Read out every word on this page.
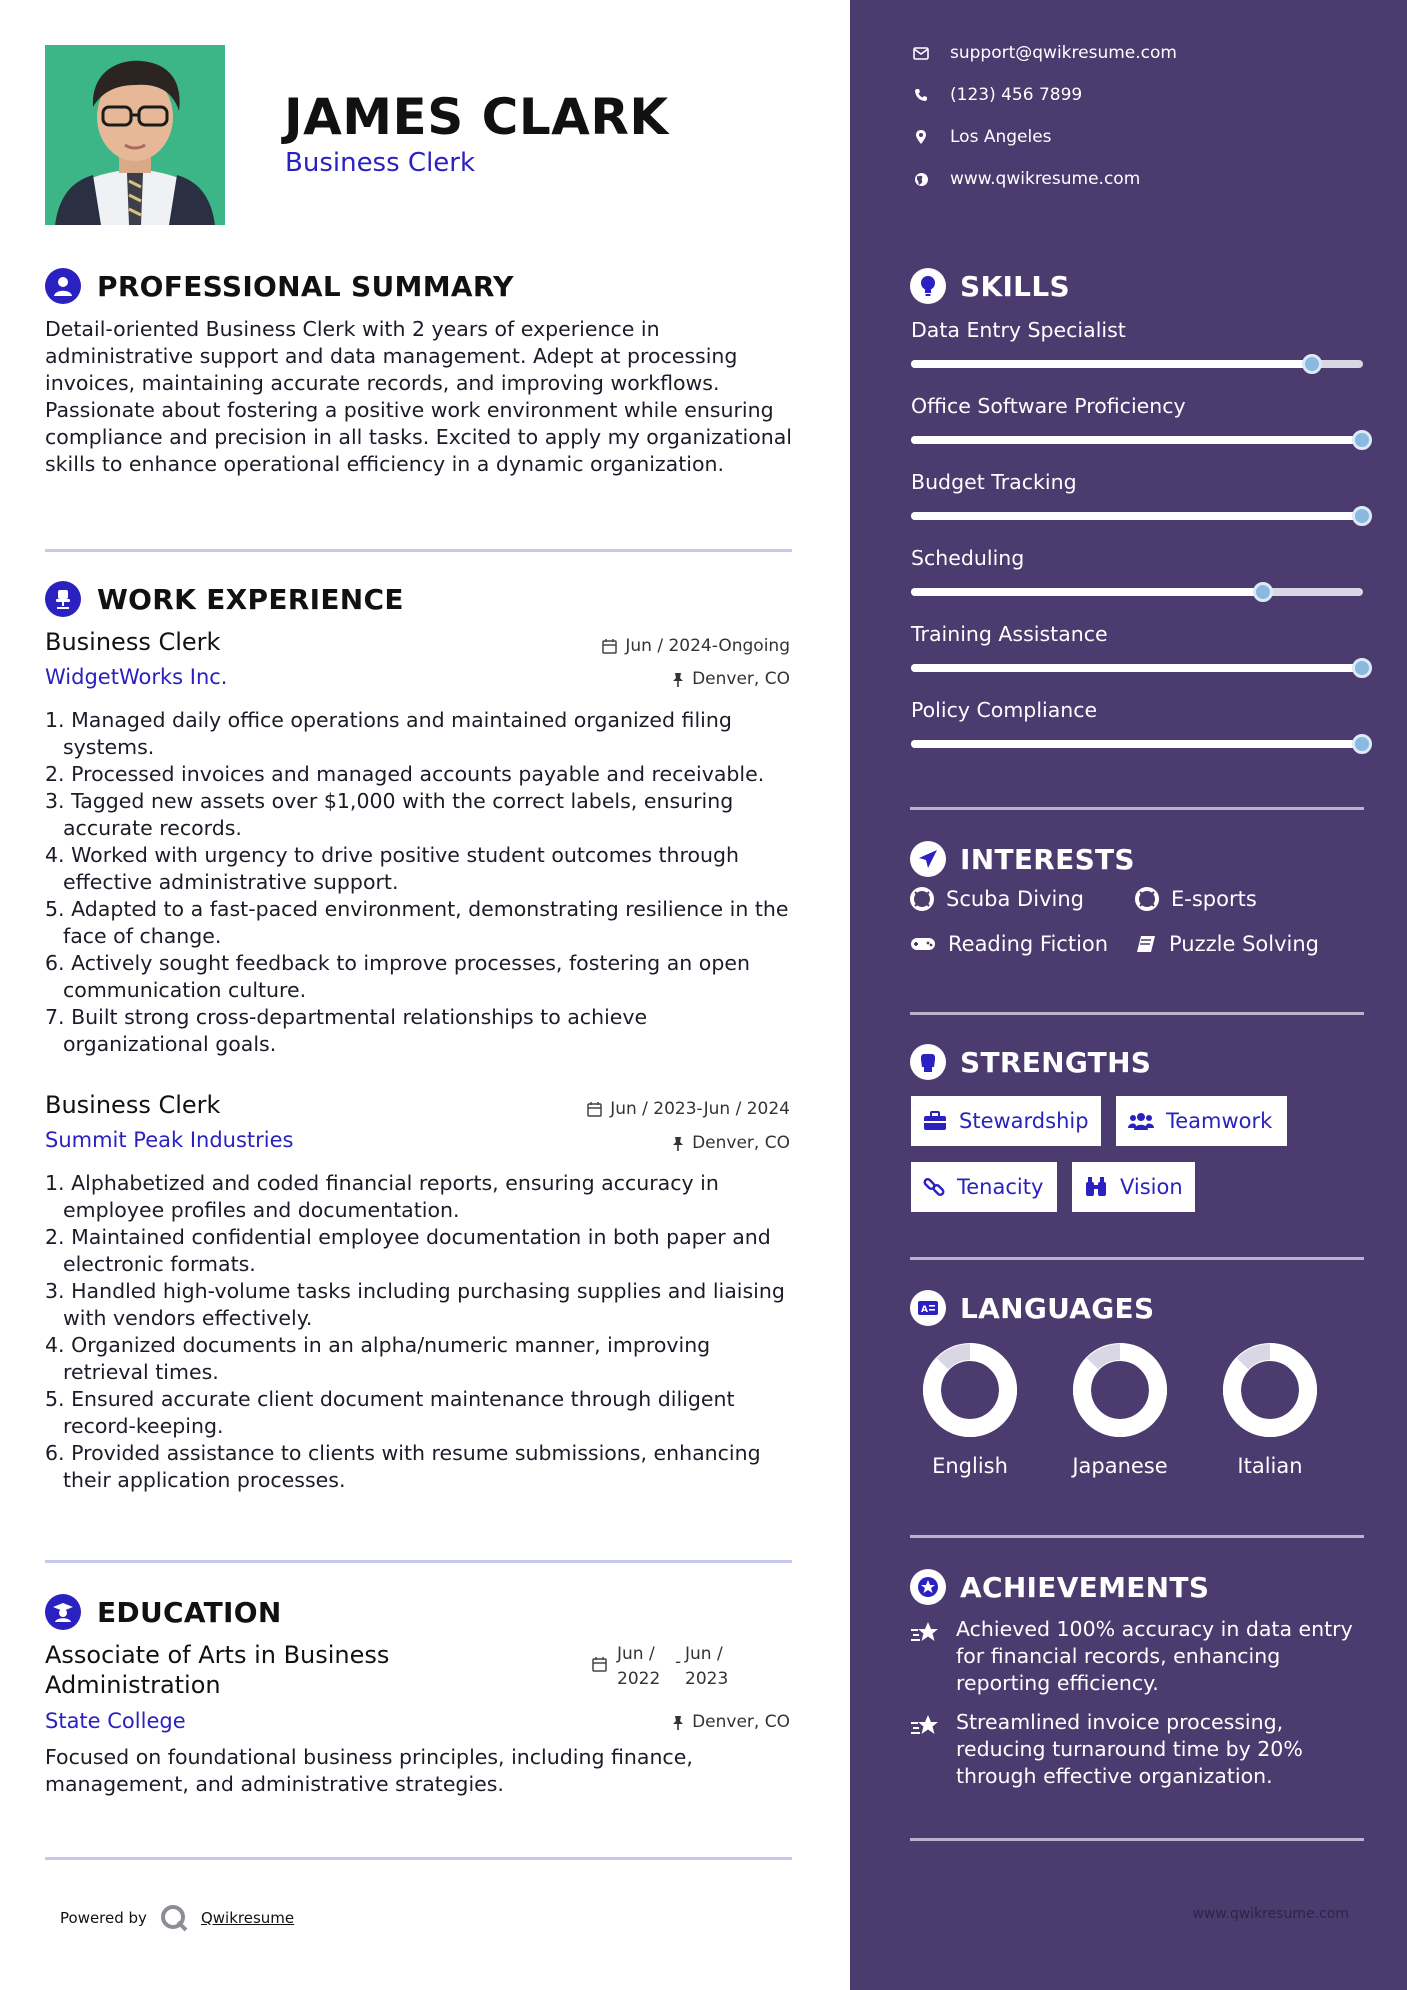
JAMES CLARK
Business Clerk
PROFESSIONAL SUMMARY
Detail-oriented Business Clerk with 2 years of experience in administrative support and data management. Adept at processing invoices, maintaining accurate records, and improving workflows. Passionate about fostering a positive work environment while ensuring compliance and precision in all tasks. Excited to apply my organizational skills to enhance operational efficiency in a dynamic organization.
WORK EXPERIENCE
Business Clerk	Jun / 2024-Ongoing
WidgetWorks Inc.	Denver, CO
Managed daily office operations and maintained organized filing systems.
Processed invoices and managed accounts payable and receivable.
Tagged new assets over $1,000 with the correct labels, ensuring accurate records.
Worked with urgency to drive positive student outcomes through effective administrative support.
Adapted to a fast-paced environment, demonstrating resilience in the face of change.
Actively sought feedback to improve processes, fostering an open communication culture.
Built strong cross-departmental relationships to achieve organizational goals.
Business Clerk	Jun / 2023-Jun / 2024
Summit Peak Industries	Denver, CO
Alphabetized and coded financial reports, ensuring accuracy in employee profiles and documentation.
Maintained confidential employee documentation in both paper and electronic formats.
Handled high-volume tasks including purchasing supplies and liaising with vendors effectively.
Organized documents in an alpha/numeric manner, improving retrieval times.
Ensured accurate client document maintenance through diligent record-keeping.
Provided assistance to clients with resume submissions, enhancing their application processes.
EDUCATION
Associate of Arts in Business Administration
Jun /
2022
- Jun /
2023
State College	Denver, CO
Focused on foundational business principles, including finance, management, and administrative strategies.
Powered by	Qwikresume
support@qwikresume.com
(123) 456 7899
Los Angeles
www.qwikresume.com
SKILLS
Data Entry Specialist
Office Software Proficiency
Budget Tracking
Scheduling
Training Assistance
Policy Compliance
INTERESTS
Scuba Diving	E-sports
Reading Fiction	Puzzle Solving
STRENGTHS
Stewardship	Teamwork
Tenacity	Vision
A LANGUAGES
English	Japanese	Italian
ACHIEVEMENTS
Achieved 100% accuracy in data entry for financial records, enhancing reporting efficiency.
Streamlined invoice processing, reducing turnaround time by 20% through effective organization.
www.qwikresume.com
